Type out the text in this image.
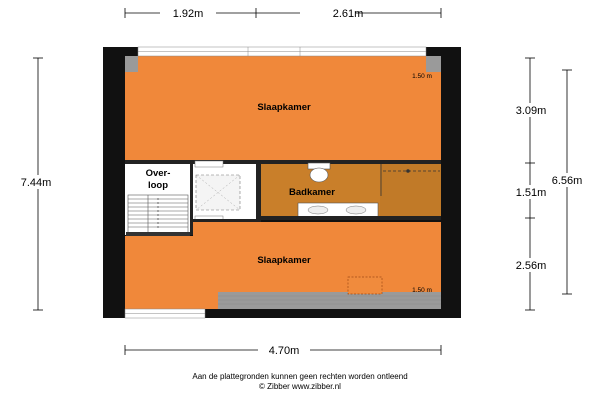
1.92m	2.61m
7.44m
3.09m
1.51m
2.56m
6.56m
4.70m
Slaapkamer
1.50 m
Over-
loop
Badkamer
Slaapkamer
1.50 m
Aan de plattegronden kunnen geen rechten worden ontleend
© Zibber www.zibber.nl
